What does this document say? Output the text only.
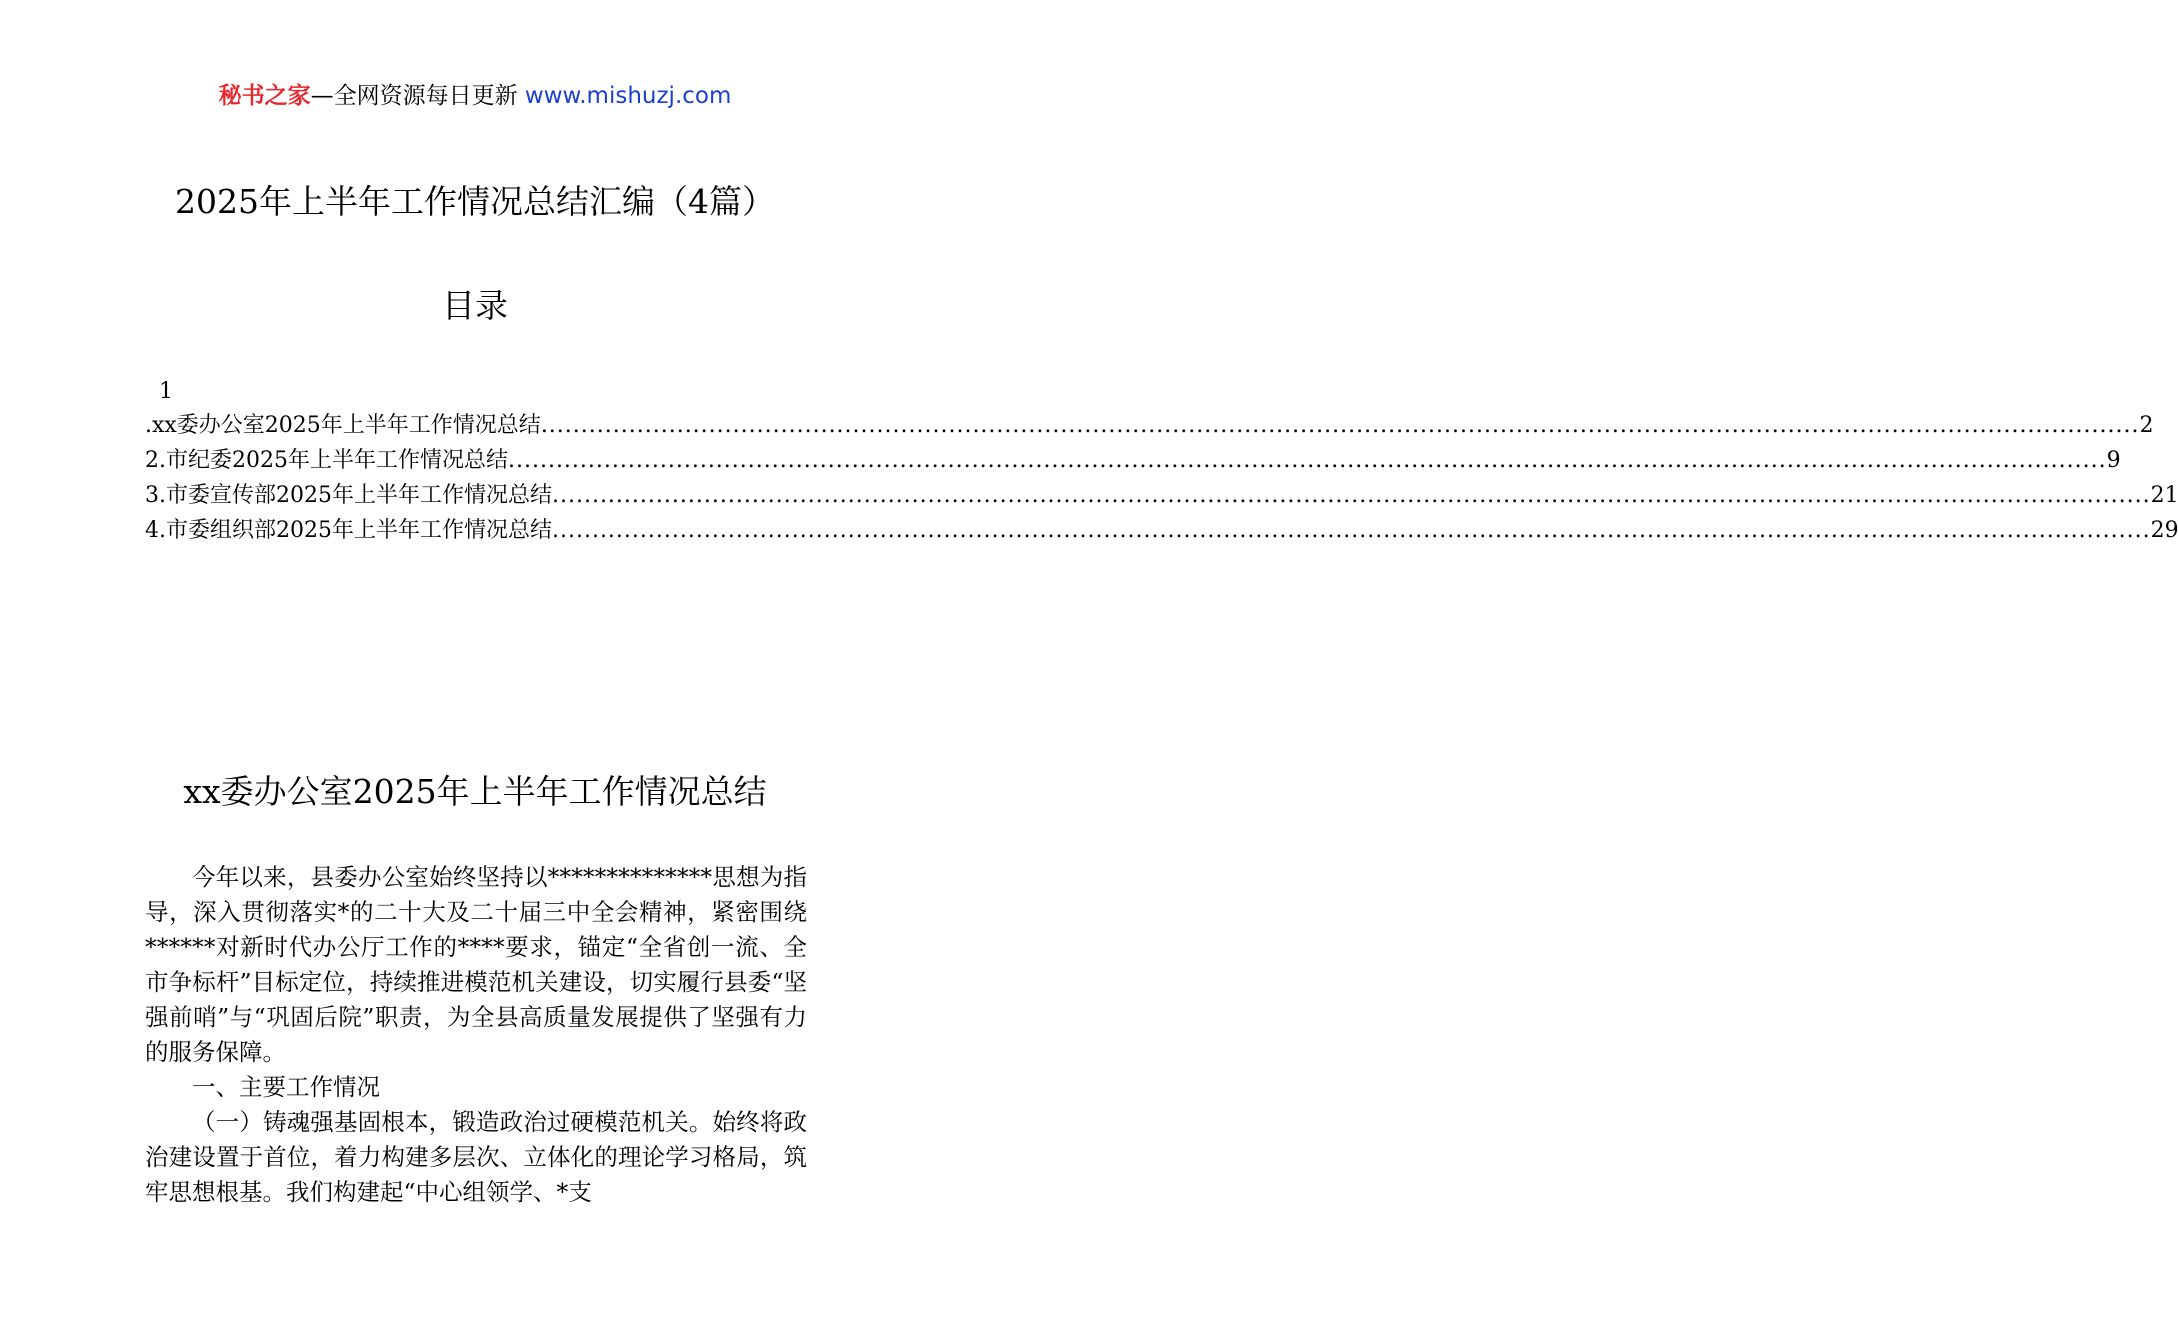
秘书之家—全网资源每日更新 www.mishuzj.com
2025年上半年工作情况总结汇编（4篇）
目录
1
.xx委办公室2025年上半年工作情况总结 ........................................................................................................................................................................................................ 2
2.市纪委2025年上半年工作情况总结 ........................................................................................................................................................................................................ 9
3.市委宣传部2025年上半年工作情况总结 ........................................................................................................................................................................................................ 21
4.市委组织部2025年上半年工作情况总结 ........................................................................................................................................................................................................ 29
xx委办公室2025年上半年工作情况总结

今年以来，县委办公室始终坚持以**************思想为指导，深入贯彻落实*的二十大及二十届三中全会精神，紧密围绕******对新时代办公厅工作的****要求，锚定“全省创一流、全市争标杆”目标定位，持续推进模范机关建设，切实履行县委“坚强前哨”与“巩固后院”职责，为全县高质量发展提供了坚强有力的服务保障。

一、主要工作情况

（一）铸魂强基固根本，锻造政治过硬模范机关。始终将政治建设置于首位，着力构建多层次、立体化的理论学习格局，筑牢思想根基。我们构建起“中心组领学、*支
